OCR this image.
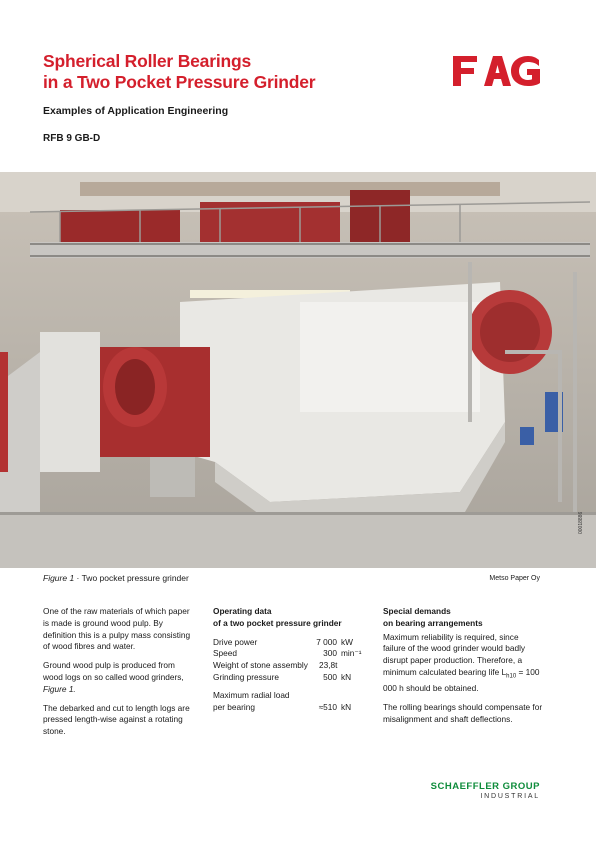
Spherical Roller Bearings
in a Two Pocket Pressure Grinder
Examples of Application Engineering
RFB 9 GB-D
Figure 1 · Two pocket pressure grinder	Metso Paper Oy
00018886

One of the raw materials of which paper is made is ground wood pulp. By definition this is a pulpy mass consisting of wood fibres and water.

Ground wood pulp is produced from wood logs on so called wood grinders, Figure 1.

The debarked and cut to length logs are pressed length-wise against a rotating stone.

Operating data
of a two pocket pressure grinder
Drive power	7 000	kW
Speed	300	min⁻¹
Weight of stone assembly	23,8t	
Grinding pressure	500	kN

Maximum radial load		
per bearing	≈510	kN
Special demands
on bearing arrangements

Maximum reliability is required, since failure of the wood grinder would badly disrupt paper production. Therefore, a minimum calculated bearing life $L_{h10} = 100$ 000 h should be obtained.

The rolling bearings should compensate for misalignment and shaft deflections.

SCHAEFFLER GROUP
INDUSTRIAL
